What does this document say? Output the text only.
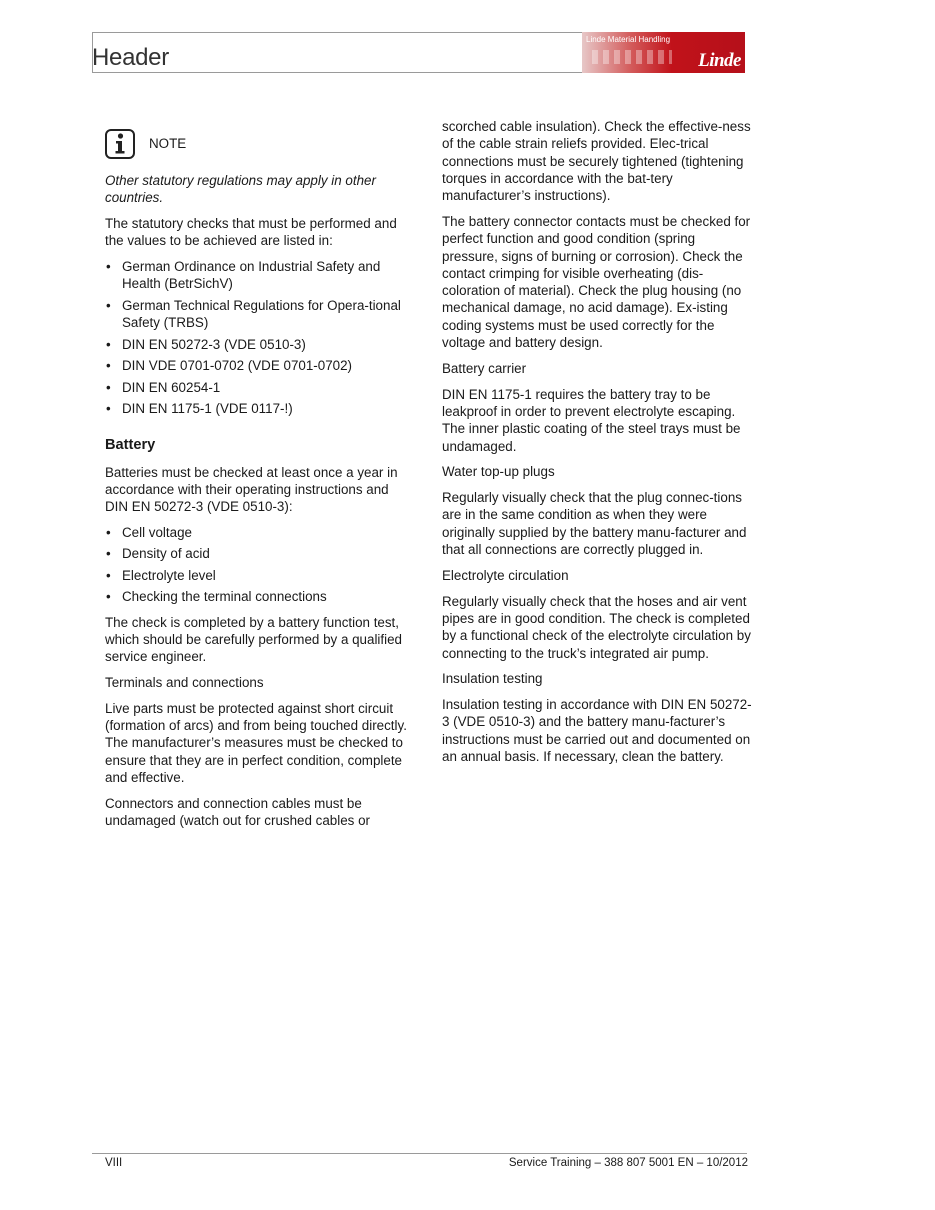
Header
Linde Material Handling
Linde
NOTE

Other statutory regulations may apply in other countries.

The statutory checks that must be performed and the values to be achieved are listed in:

• German Ordinance on Industrial Safety and Health (BetrSichV)
• German Technical Regulations for Opera-tional Safety (TRBS)
• DIN EN 50272-3 (VDE 0510-3)
• DIN VDE 0701-0702 (VDE 0701-0702)
• DIN EN 60254-1
• DIN EN 1175-1 (VDE 0117-!)
Battery

Batteries must be checked at least once a year in accordance with their operating instructions and DIN EN 50272-3 (VDE 0510-3):

• Cell voltage
• Density of acid
• Electrolyte level
• Checking the terminal connections

The check is completed by a battery function test, which should be carefully performed by a qualified service engineer.

Terminals and connections

Live parts must be protected against short circuit (formation of arcs) and from being touched directly. The manufacturer’s measures must be checked to ensure that they are in perfect condition, complete and effective.

Connectors and connection cables must be undamaged (watch out for crushed cables or

scorched cable insulation). Check the effective-ness of the cable strain reliefs provided. Elec-trical connections must be securely tightened (tightening torques in accordance with the bat-tery manufacturer’s instructions).

The battery connector contacts must be checked for perfect function and good condition (spring pressure, signs of burning or corrosion). Check the contact crimping for visible overheating (dis-coloration of material). Check the plug housing (no mechanical damage, no acid damage). Ex-isting coding systems must be used correctly for the voltage and battery design.

Battery carrier

DIN EN 1175-1 requires the battery tray to be leakproof in order to prevent electrolyte escaping. The inner plastic coating of the steel trays must be undamaged.

Water top-up plugs

Regularly visually check that the plug connec-tions are in the same condition as when they were originally supplied by the battery manu-facturer and that all connections are correctly plugged in.

Electrolyte circulation

Regularly visually check that the hoses and air vent pipes are in good condition. The check is completed by a functional check of the electrolyte circulation by connecting to the truck’s integrated air pump.

Insulation testing

Insulation testing in accordance with DIN EN 50272-3 (VDE 0510-3) and the battery manu-facturer’s instructions must be carried out and documented on an annual basis. If necessary, clean the battery.

VIII	Service Training – 388 807 5001 EN – 10/2012
